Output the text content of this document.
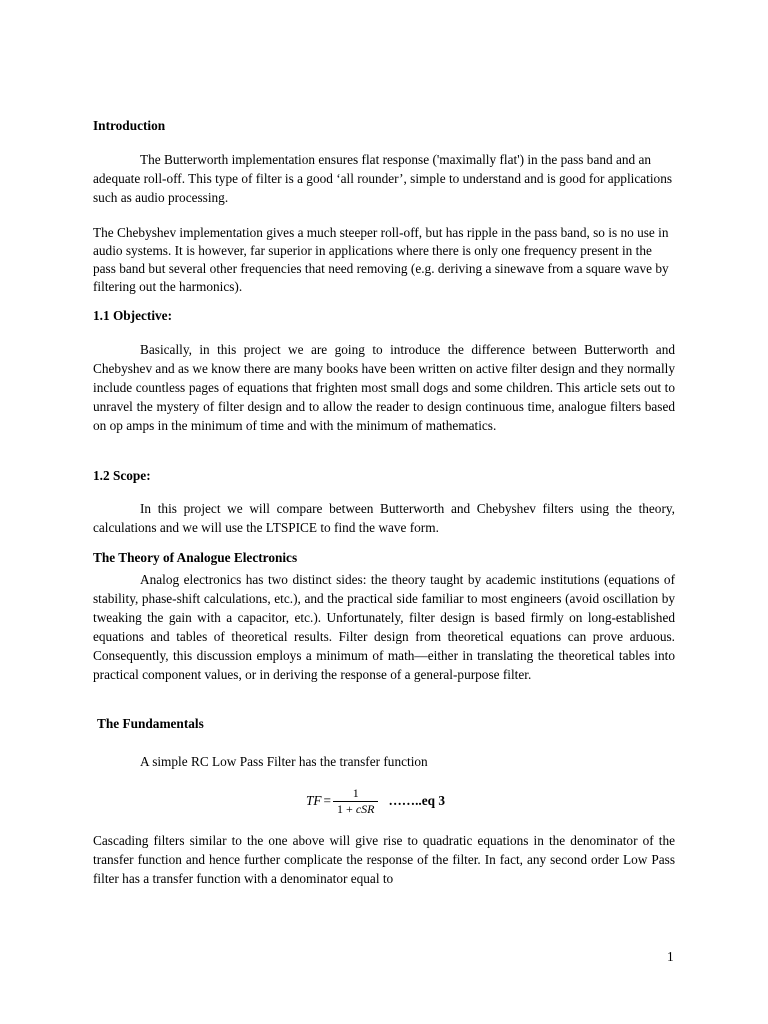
Introduction

The Butterworth implementation ensures flat response ('maximally flat') in the pass band and an adequate roll-off. This type of filter is a good ‘all rounder’, simple to understand and is good for applications such as audio processing.

The Chebyshev implementation gives a much steeper roll-off, but has ripple in the pass band, so is no use in audio systems. It is however, far superior in applications where there is only one frequency present in the pass band but several other frequencies that need removing (e.g. deriving a sinewave from a square wave by filtering out the harmonics).

1.1 Objective:

Basically, in this project we are going to introduce the difference between Butterworth and Chebyshev and as we know there are many books have been written on active filter design and they normally include countless pages of equations that frighten most small dogs and some children. This article sets out to unravel the mystery of filter design and to allow the reader to design continuous time, analogue filters based on op amps in the minimum of time and with the minimum of mathematics.

1.2 Scope:

In this project we will compare between Butterworth and Chebyshev filters using the theory, calculations and we will use the LTSPICE to find the wave form.

The Theory of Analogue Electronics

Analog electronics has two distinct sides: the theory taught by academic institutions (equations of stability, phase-shift calculations, etc.), and the practical side familiar to most engineers (avoid oscillation by tweaking the gain with a capacitor, etc.). Unfortunately, filter design is based firmly on long-established equations and tables of theoretical results. Filter design from theoretical equations can prove arduous. Consequently, this discussion employs a minimum of math—either in translating the theoretical tables into practical component values, or in deriving the response of a general-purpose filter.

The Fundamentals

A simple RC Low Pass Filter has the transfer function

TF = $\frac{1}{\text{1 + cSR}}$ ……..eq 3

Cascading filters similar to the one above will give rise to quadratic equations in the denominator of the transfer function and hence further complicate the response of the filter. In fact, any second order Low Pass filter has a transfer function with a denominator equal to

1
